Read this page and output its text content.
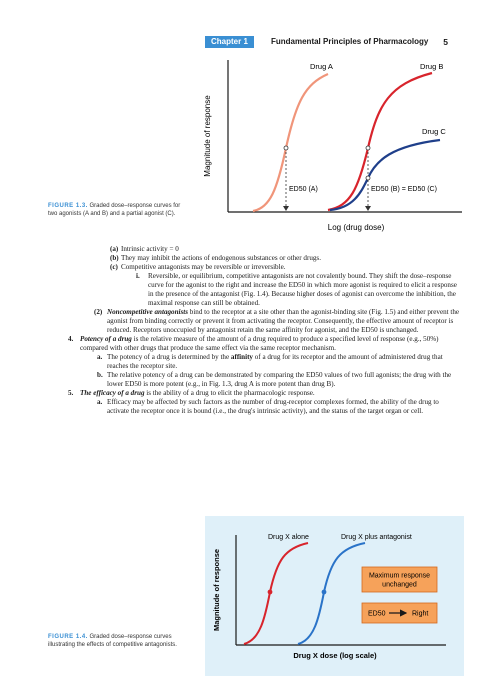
Chapter 1	Fundamental Principles of Pharmacology 5
Magnitude of response
Log (drug dose)
Drug A	Drug B
Drug C
ED50 (A)	ED50 (B) = ED50 (C)
FIGURE 1.3. Graded dose–response curves for two agonists (A and B) and a partial agonist (C).

(a) Intrinsic activity = 0

(b) They may inhibit the actions of endogenous substances or other drugs.

(c) Competitive antagonists may be reversible or irreversible.

i. Reversible, or equilibrium, competitive antagonists are not covalently bound. They shift the dose–response curve for the agonist to the right and increase the ED50 in which more agonist is required to elicit a response in the presence of the antagonist (Fig. 1.4). Because higher doses of agonist can overcome the inhibition, the maximal response can still be obtained.

(2) Noncompetitive antagonists bind to the receptor at a site other than the agonist-binding site (Fig. 1.5) and either prevent the agonist from binding correctly or prevent it from activating the receptor. Consequently, the effective amount of receptor is reduced. Receptors unoccupied by antagonist retain the same affinity for agonist, and the ED50 is unchanged.

4. Potency of a drug is the relative measure of the amount of a drug required to produce a specified level of response (e.g., 50%) compared with other drugs that produce the same effect via the same receptor mechanism.

a. The potency of a drug is determined by the affinity of a drug for its receptor and the amount of administered drug that reaches the receptor site.

b. The relative potency of a drug can be demonstrated by comparing the ED50 values of two full agonists; the drug with the lower ED50 is more potent (e.g., in Fig. 1.3, drug A is more potent than drug B).

5. The efficacy of a drug is the ability of a drug to elicit the pharmacologic response.

a. Efficacy may be affected by such factors as the number of drug-receptor complexes formed, the ability of the drug to activate the receptor once it is bound (i.e., the drug's intrinsic activity), and the status of the target organ or cell.

Magnitude of response
Drug X dose (log scale)
Drug X alone	Drug X plus antagonist
Maximum response unchanged
ED50	Right
FIGURE 1.4. Graded dose–response curves illustrating the effects of competitive antagonists.
